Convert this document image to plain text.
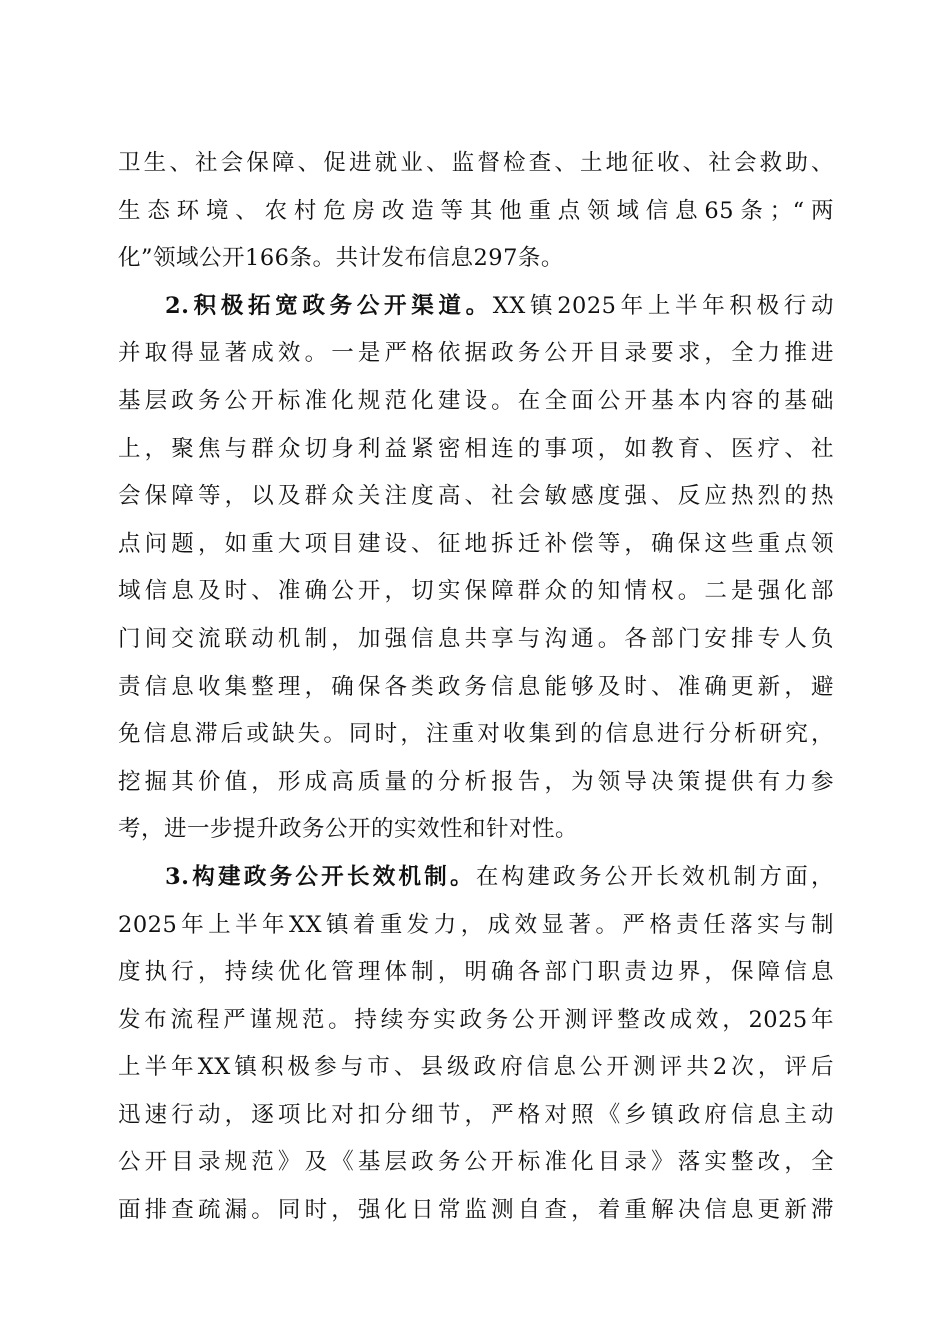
卫生、社会保障、促进就业、监督检查、土地征收、社会救助、
生态环境、农村危房改造等其他重点领域信息65条；“两
化”领域公开166条。共计发布信息297条。
2.积极拓宽政务公开渠道。XX镇2025年上半年积极行动
并取得显著成效。一是严格依据政务公开目录要求，全力推进
基层政务公开标准化规范化建设。在全面公开基本内容的基础
上，聚焦与群众切身利益紧密相连的事项，如教育、医疗、社
会保障等，以及群众关注度高、社会敏感度强、反应热烈的热
点问题，如重大项目建设、征地拆迁补偿等，确保这些重点领
域信息及时、准确公开，切实保障群众的知情权。二是强化部
门间交流联动机制，加强信息共享与沟通。各部门安排专人负
责信息收集整理，确保各类政务信息能够及时、准确更新，避
免信息滞后或缺失。同时，注重对收集到的信息进行分析研究，
挖掘其价值，形成高质量的分析报告，为领导决策提供有力参
考，进一步提升政务公开的实效性和针对性。
3.构建政务公开长效机制。在构建政务公开长效机制方面，
2025年上半年XX镇着重发力，成效显著。严格责任落实与制
度执行，持续优化管理体制，明确各部门职责边界，保障信息
发布流程严谨规范。持续夯实政务公开测评整改成效，2025年
上半年XX镇积极参与市、县级政府信息公开测评共2次，评后
迅速行动，逐项比对扣分细节，严格对照《乡镇政府信息主动
公开目录规范》及《基层政务公开标准化目录》落实整改，全
面排查疏漏。同时，强化日常监测自查，着重解决信息更新滞
